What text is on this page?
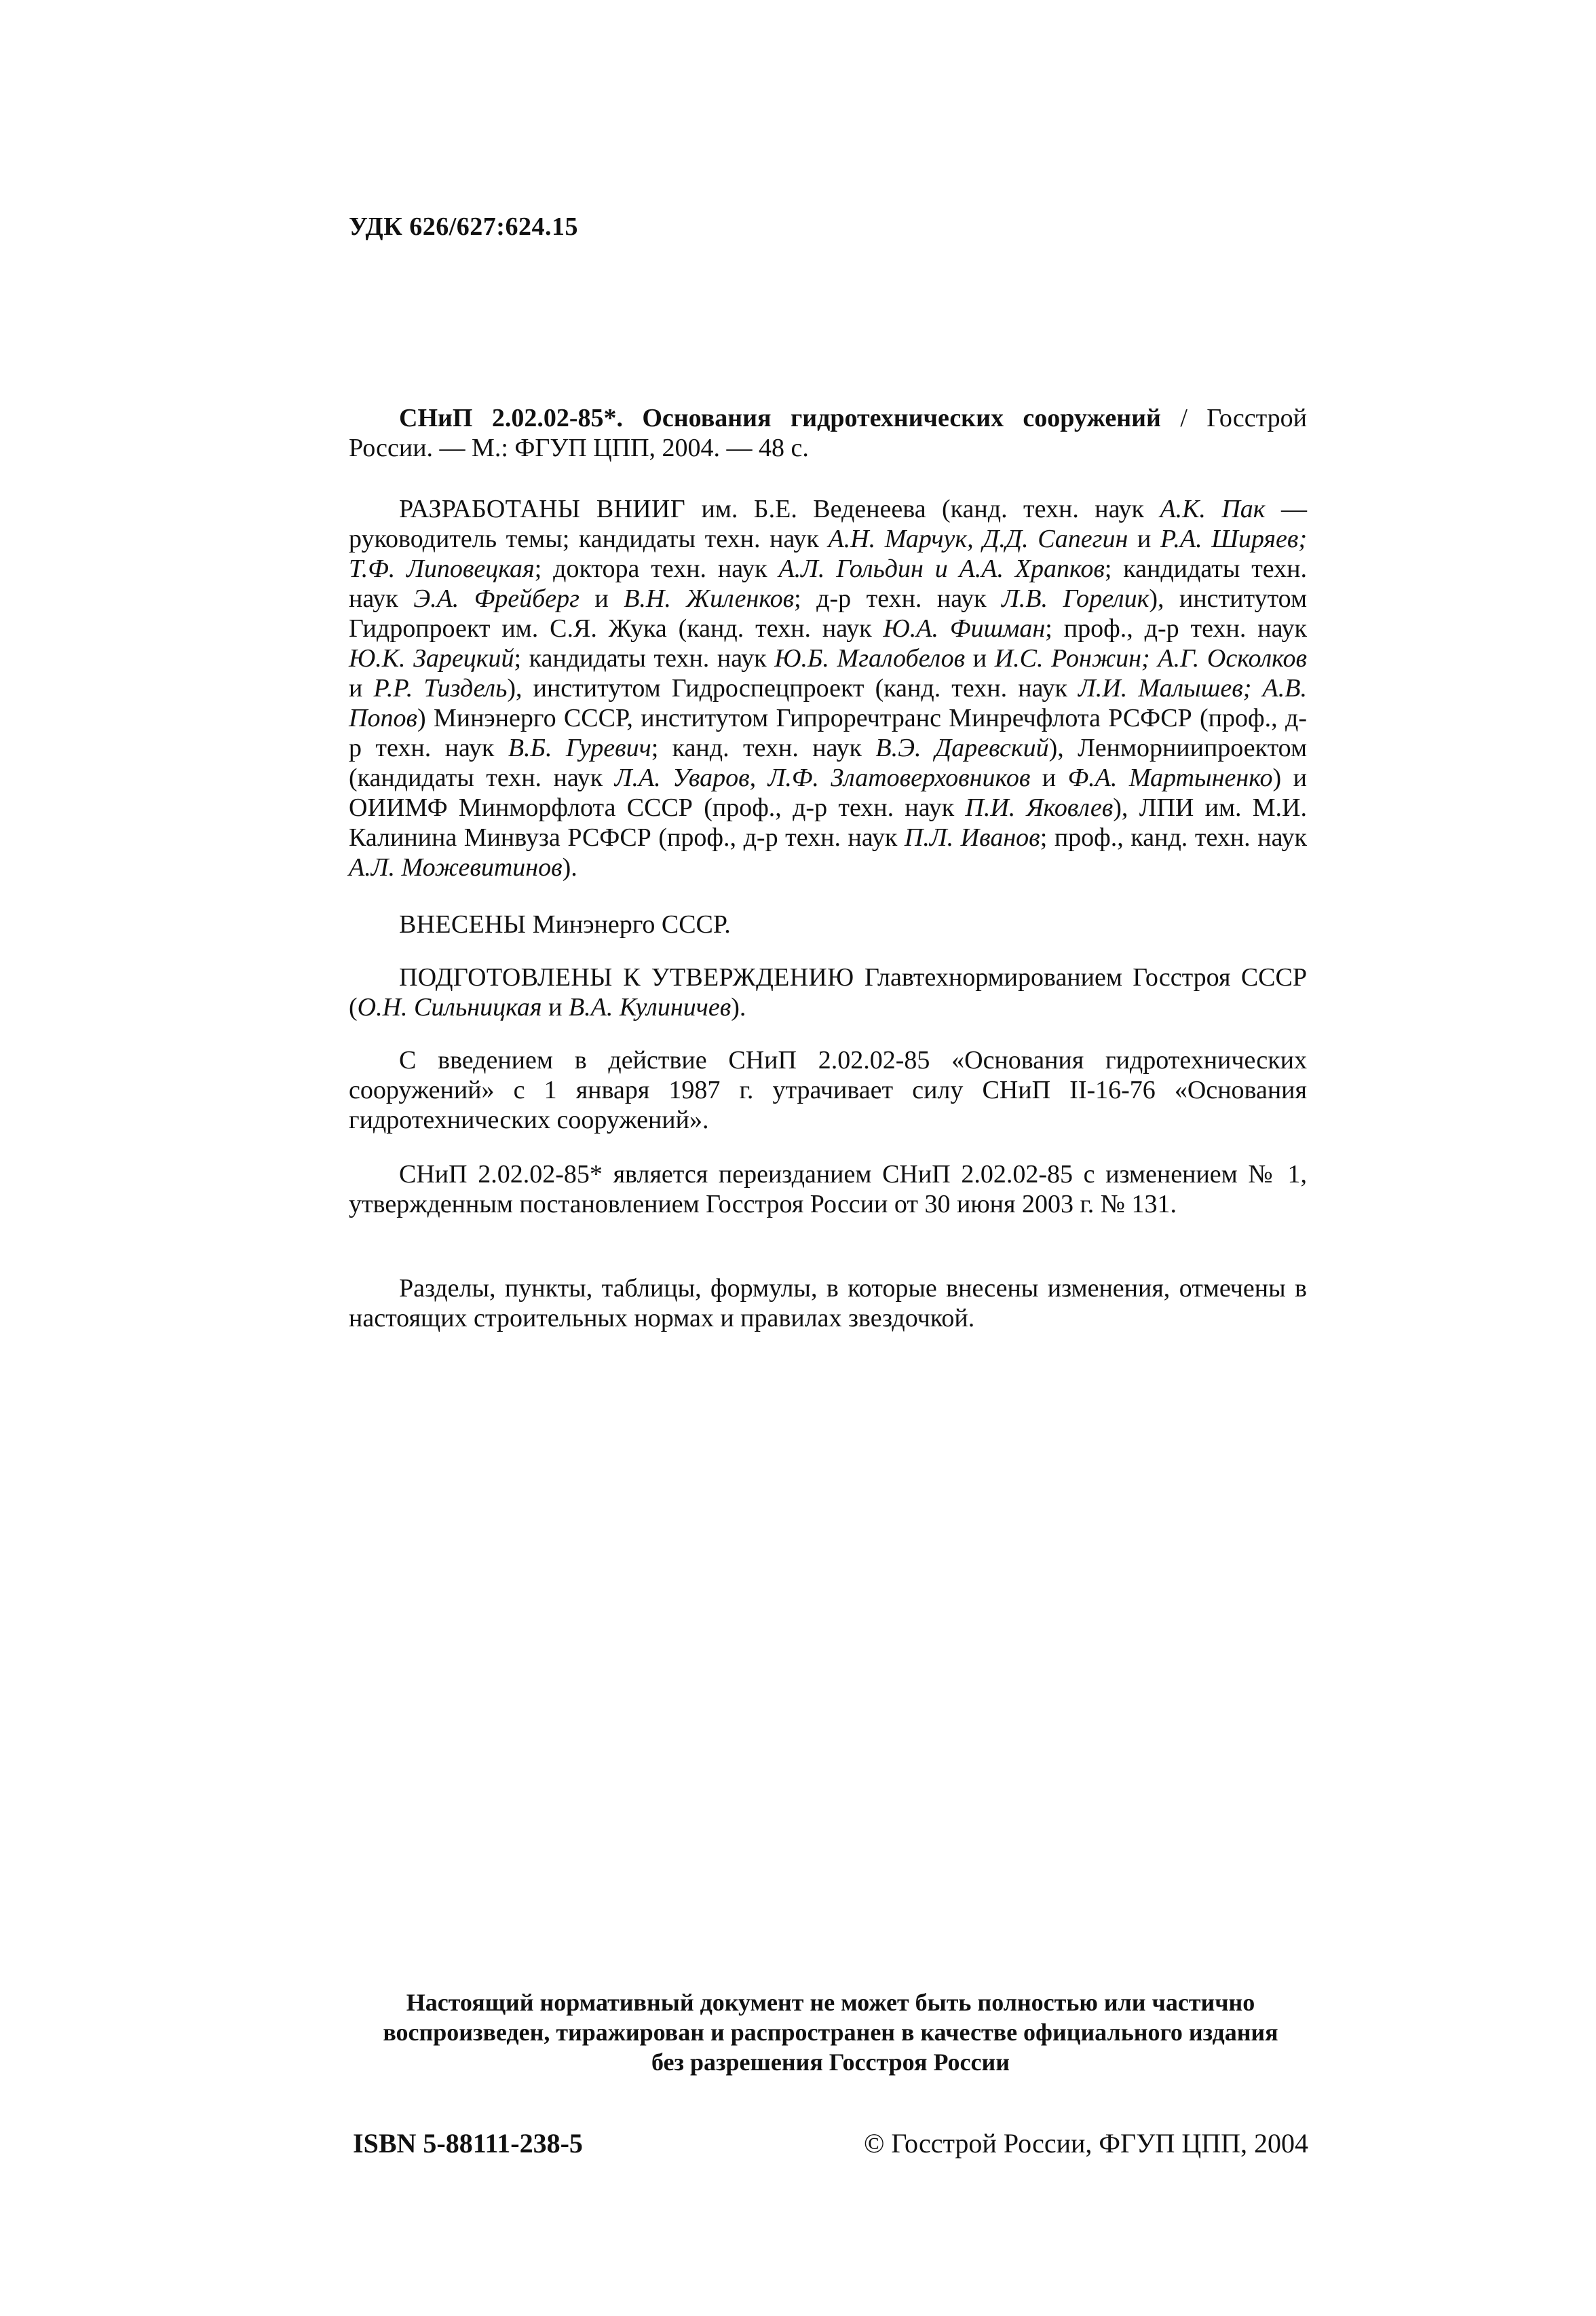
УДК 626/627:624.15

СНиП 2.02.02-85*. Основания гидротехнических сооружений / Госстрой России. — М.: ФГУП ЦПП, 2004. — 48 с.

РАЗРАБОТАНЫ ВНИИГ им. Б.Е. Веденеева (канд. техн. наук А.К. Пак — руководитель темы; кандидаты техн. наук А.Н. Марчук, Д.Д. Сапегин и Р.А. Ширяев; Т.Ф. Липовецкая; доктора техн. наук А.Л. Гольдин и А.А. Храпков; кандидаты техн. наук Э.А. Фрейберг и В.Н. Жиленков; д-р техн. наук Л.В. Горелик), институтом Гидропроект им. С.Я. Жука (канд. техн. наук Ю.А. Фишман; проф., д-р техн. наук Ю.К. Зарецкий; кандидаты техн. наук Ю.Б. Мгалобелов и И.С. Ронжин; А.Г. Осколков и Р.Р. Тиздель), институтом Гидроспецпроект (канд. техн. наук Л.И. Малышев; А.В. Попов) Минэнерго СССР, институтом Гипроречтранс Минречфлота РСФСР (проф., д-р техн. наук В.Б. Гуревич; канд. техн. наук В.Э. Даревский), Ленморниипроектом (кандидаты техн. наук Л.А. Уваров, Л.Ф. Златоверховников и Ф.А. Мартыненко) и ОИИМФ Минморфлота СССР (проф., д-р техн. наук П.И. Яковлев), ЛПИ им. М.И. Калинина Минвуза РСФСР (проф., д-р техн. наук П.Л. Иванов; проф., канд. техн. наук А.Л. Можевитинов).

ВНЕСЕНЫ Минэнерго СССР.

ПОДГОТОВЛЕНЫ К УТВЕРЖДЕНИЮ Главтехнормированием Госстроя СССР (О.Н. Сильницкая и В.А. Кулиничев).

С введением в действие СНиП 2.02.02-85 «Основания гидротехнических сооружений» с 1 января 1987 г. утрачивает силу СНиП II-16-76 «Основания гидротехнических сооружений».

СНиП 2.02.02-85* является переизданием СНиП 2.02.02-85 с изменением № 1, утвержденным постановлением Госстроя России от 30 июня 2003 г. № 131.

Разделы, пункты, таблицы, формулы, в которые внесены изменения, отмечены в настоящих строительных нормах и правилах звездочкой.

Настоящий нормативный документ не может быть полностью или частично
воспроизведен, тиражирован и распространен в качестве официального издания
без разрешения Госстроя России
ISBN 5-88111-238-5	© Госстрой России, ФГУП ЦПП, 2004
